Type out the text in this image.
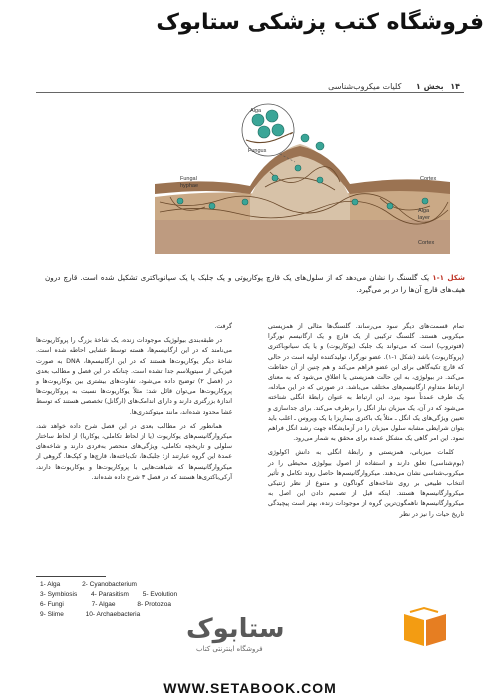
فروشگاه کتب پزشکی ستابوک
۱۴ بخش ۱ کلیات میکروب‌شناسی
Alga
Fungus
Fungal
hyphae
Cortex
Alga
layer
Cortex
شکل ۱-۱ یک گلسنگ را نشان می‌دهد که از سلول‌های یک قارچ یوکاریوتی و یک جلبک یا یک سیانوباکتری تشکیل شده است. قارچ درون هیف‌های قارچ آن‌ها را در بر می‌گیرد.

تمام قسمت‌های دیگر سود می‌رساند. گلسنگ‌ها مثالی از همزیستی میکروبی هستند. گلسنگ ترکیبی از یک قارچ و یک ارگانیسم نورگرا (فتوتروپ) است که می‌تواند یک جلبک (یوکاریوت) و یا یک سیانوباکتری (پروکاریوت) باشد (شکل ۱-۱). عضو نورگرا، تولیدکننده اولیه است در حالی که قارچ تکیه‌گاهی برای این عضو فراهم می‌کند و هم چنین از آن حفاظت می‌کند. در بیولوژی، به این حالت همزیستی یا اطلاق می‌شود که به معنای ارتباط متداوم ارگانیسم‌های مختلف می‌باشد. در صورتی که در این مبادله، یک طرف عمدتاً سود ببرد، این ارتباط به عنوان رابطهٔ انگلی شناخته می‌شود که در آن، یک میزبان نیاز انگل را برطرف می‌کند. برای جداسازی و تعیین ویژگی‌های یک انگل ـ مثلاً یک باکتری بیماریزا یا یک ویروس ـ اغلب باید بتوان شرایطی مشابه سلول میزبان را در آزمایشگاه جهت رشد انگل فراهم نمود. این امر گاهی یک مشکل عمده برای محقق به شمار می‌رود.

کلمات میزبانی، همزیستی و رابطهٔ انگلی به دانش اکولوژی (بوم‌شناسی) تعلق دارند و استفاده از اصول بیولوژی محیطی را در میکروب‌شناسی نشان می‌دهند. میکروارگانیسم‌ها حاصل روند تکامل و تأثیر انتخاب طبیعی بر روی شاخه‌های گوناگون و متنوع از نظر ژنتیکی میکروارگانیسم‌ها هستند. اینکه قبل از تصمیم دادن این اصل به میکروارگانیسم‌ها ناهمگون‌ترین گروه از موجودات زنده، بهتر است پیچیدگی تاریخ حیات را نیز در نظر

گرفت.

در طبقه‌بندی بیولوژیک موجودات زنده، یک شاخهٔ بزرگ را پروکاریوت‌ها می‌نامند که در این ارگانیسم‌ها، هسته توسط غشایی احاطه شده است. شاخهٔ دیگر یوکاریوت‌ها هستند که در این ارگانیسم‌ها، DNA به صورت فیزیکی از سیتوپلاسم جدا تشده است. چنانکه در این فصل و مطالب بعدی در (فصل ۲) توضیح داده می‌شود، تفاوت‌های بیشتری بین یوکاریوت‌ها و پروکاریوت‌ها می‌توان قائل شد: مثلاً یوکاریوت‌ها نسبت به پروکاریوت‌ها اندازهٔ بزرگتری دارند و دارای اندامک‌های (ارگانل) تخصصی هستند که توسط غشا محدود شده‌اند، مانند میتوکندری‌ها.

همانطور که در مطالب بعدی در این فصل شرح داده خواهد شد، میکروارگانیسم‌های یوکاریوت (یا از لحاظ تکاملی، یوکاریا) از لحاظ ساختار سلولی و تاریخچه تکاملی، ویژگی‌های منحصر به‌فردی دارند و شاخه‌های عمدهٔ این گروه عبارتند از: جلبک‌ها، تک‌یاخته‌ها، قارچ‌ها و کپک‌ها. گروهی از میکروارگانیسم‌ها که شباهت‌هایی با پروکاریوت‌ها و یوکاریوت‌ها دارند، آرکی‌باکتری‌ها هستند که در فصل ۳ شرح داده شده‌اند.

1- Alga	2- Cyanobacterium
3- Symbiosis 4- Parasitism 5- Evolution
6- Fungi	7- Algae	8- Protozoa
9- Slime	10- Archaebacteria ستابوک
فروشگاه اینترنتی کتاب
WWW.SETABOOK.COM
